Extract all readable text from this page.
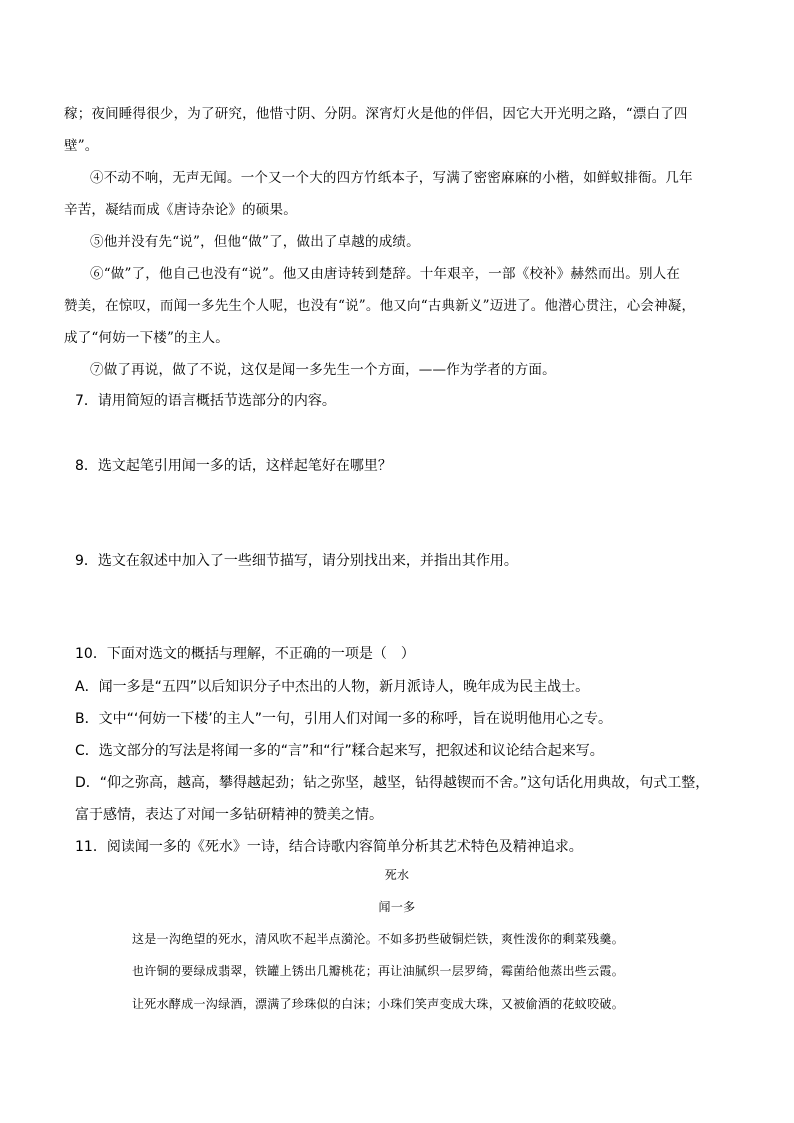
稼；夜间睡得很少，为了研究，他惜寸阴、分阴。深宵灯火是他的伴侣，因它大开光明之路，“漂白了四
壁”。
④不动不响，无声无闻。一个又一个大的四方竹纸本子，写满了密密麻麻的小楷，如鲜蚁排衙。几年
辛苦，凝结而成《唐诗杂论》的硕果。
⑤他并没有先“说”，但他“做”了，做出了卓越的成绩。
⑥“做”了，他自己也没有“说”。他又由唐诗转到楚辞。十年艰辛，一部《校补》赫然而出。别人在
赞美，在惊叹，而闻一多先生个人呢，也没有“说”。他又向“古典新义”迈进了。他潜心贯注，心会神凝，
成了“何妨一下楼”的主人。
⑦做了再说，做了不说，这仅是闻一多先生一个方面，——作为学者的方面。
7．请用简短的语言概括节选部分的内容。
8．选文起笔引用闻一多的话，这样起笔好在哪里？
9．选文在叙述中加入了一些细节描写，请分别找出来，并指出其作用。
10．下面对选文的概括与理解，不正确的一项是（　）
A．闻一多是“五四”以后知识分子中杰出的人物，新月派诗人，晚年成为民主战士。
B．文中“‘何妨一下楼’的主人”一句，引用人们对闻一多的称呼，旨在说明他用心之专。
C．选文部分的写法是将闻一多的“言”和“行”糅合起来写，把叙述和议论结合起来写。
D．“仰之弥高，越高，攀得越起劲；钻之弥坚，越坚，钻得越锲而不舍。”这句话化用典故，句式工整，
富于感情，表达了对闻一多钻研精神的赞美之情。
11．阅读闻一多的《死水》一诗，结合诗歌内容简单分析其艺术特色及精神追求。
死水
闻一多
这是一沟绝望的死水，清风吹不起半点漪沦。不如多扔些破铜烂铁，爽性泼你的剩菜残羹。
也许铜的要绿成翡翠，铁罐上锈出几瓣桃花；再让油腻织一层罗绮，霉菌给他蒸出些云霞。
让死水酵成一沟绿酒，漂满了珍珠似的白沫；小珠们笑声变成大珠，又被偷酒的花蚊咬破。
